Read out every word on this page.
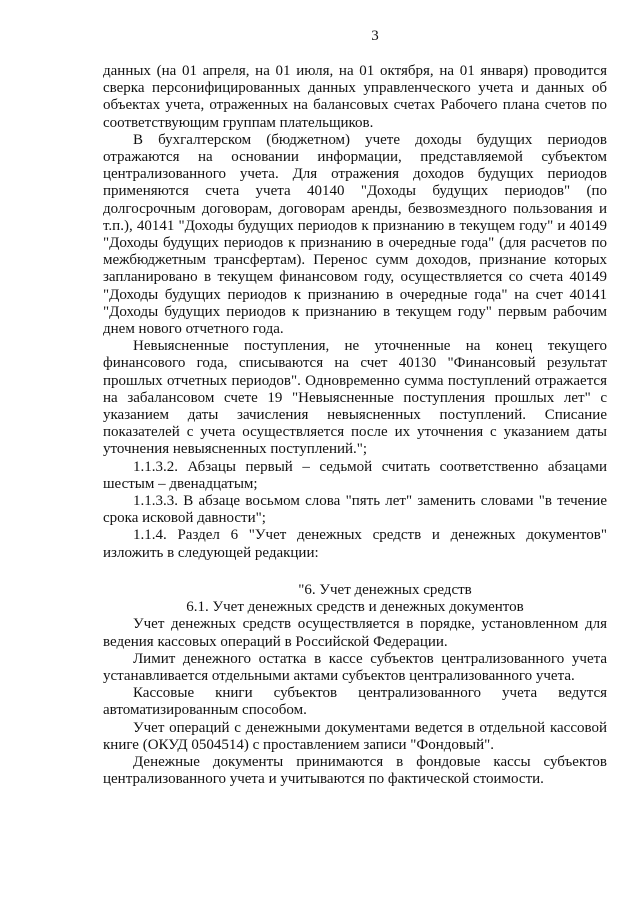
3

данных (на 01 апреля, на 01 июля, на 01 октября, на 01 января) проводится сверка персонифицированных данных управленческого учета и данных об объектах учета, отраженных на балансовых счетах Рабочего плана счетов по соответствующим группам плательщиков.

В бухгалтерском (бюджетном) учете доходы будущих периодов отражаются на основании информации, представляемой субъектом централизованного учета. Для отражения доходов будущих периодов применяются счета учета 40140 "Доходы будущих периодов" (по долгосрочным договорам, договорам аренды, безвозмездного пользования и т.п.), 40141 "Доходы будущих периодов к признанию в текущем году" и 40149 "Доходы будущих периодов к признанию в очередные года" (для расчетов по межбюджетным трансфертам). Перенос сумм доходов, признание которых запланировано в текущем финансовом году, осуществляется со счета 40149 "Доходы будущих периодов к признанию в очередные года" на счет 40141 "Доходы будущих периодов к признанию в текущем году" первым рабочим днем нового отчетного года.

Невыясненные поступления, не уточненные на конец текущего финансового года, списываются на счет 40130 "Финансовый результат прошлых отчетных периодов". Одновременно сумма поступлений отражается на забалансовом счете 19 "Невыясненные поступления прошлых лет" с указанием даты зачисления невыясненных поступлений. Списание показателей с учета осуществляется после их уточнения с указанием даты уточнения невыясненных поступлений.";

1.1.3.2. Абзацы первый – седьмой считать соответственно абзацами шестым – двенадцатым;

1.1.3.3. В абзаце восьмом слова "пять лет" заменить словами "в течение срока исковой давности";

1.1.4. Раздел 6 "Учет денежных средств и денежных документов" изложить в следующей редакции:

"6. Учет денежных средств
6.1. Учет денежных средств и денежных документов

Учет денежных средств осуществляется в порядке, установленном для ведения кассовых операций в Российской Федерации.

Лимит денежного остатка в кассе субъектов централизованного учета устанавливается отдельными актами субъектов централизованного учета.

Кассовые книги субъектов централизованного учета ведутся автоматизированным способом.

Учет операций с денежными документами ведется в отдельной кассовой книге (ОКУД 0504514) с проставлением записи "Фондовый".

Денежные документы принимаются в фондовые кассы субъектов централизованного учета и учитываются по фактической стоимости.
